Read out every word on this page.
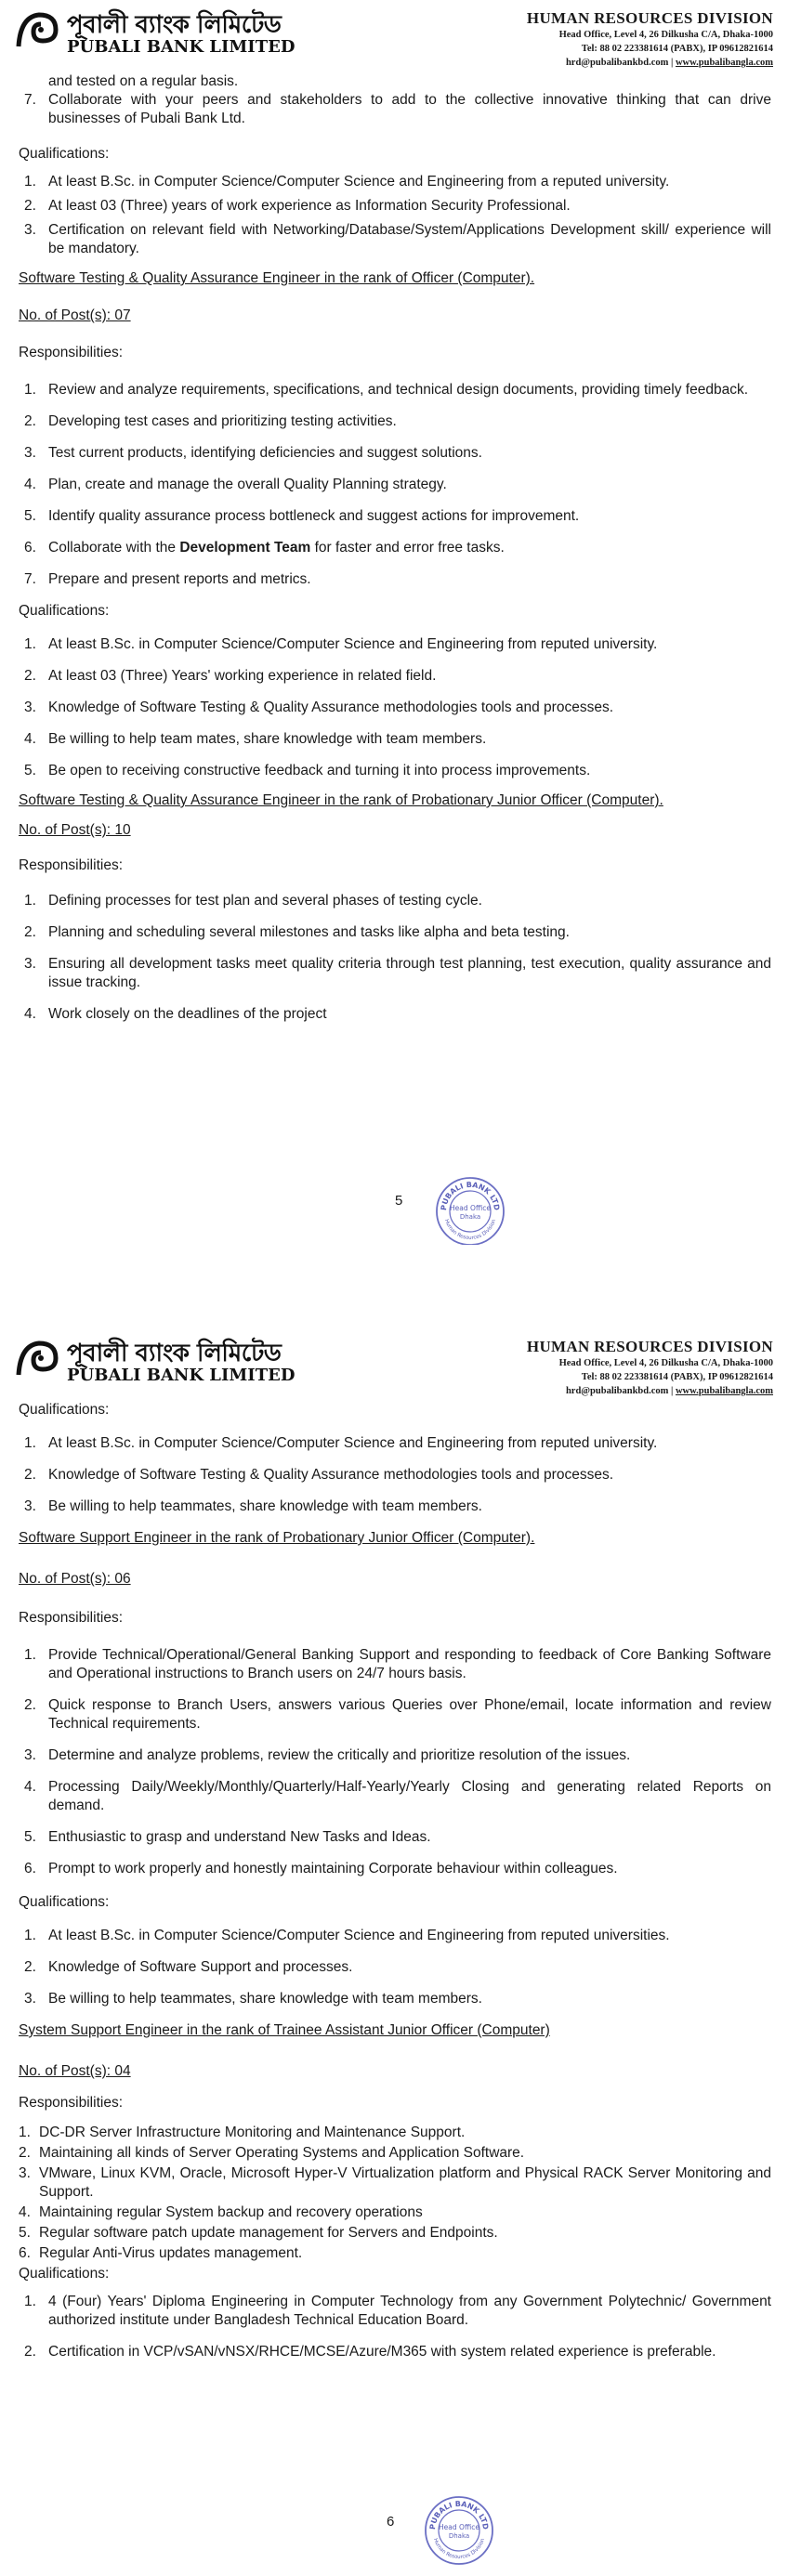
পূবালী ব্যাংক লিমিটেড
PUBALI BANK LIMITED
HUMAN RESOURCES DIVISION
Head Office, Level 4, 26 Dilkusha C/A, Dhaka-1000
Tel: 88 02 223381614 (PABX), IP 09612821614
hrd@pubalibankbd.com | www.pubalibangla.com

and tested on a regular basis.

7. Collaborate with your peers and stakeholders to add to the collective innovative thinking that can drive businesses of Pubali Bank Ltd.

Qualifications:

1. At least B.Sc. in Computer Science/Computer Science and Engineering from a reputed university.
2. At least 03 (Three) years of work experience as Information Security Professional.
3. Certification on relevant field with Networking/Database/System/Applications Development skill/ experience will be mandatory.

Software Testing & Quality Assurance Engineer in the rank of Officer (Computer).

No. of Post(s): 07

Responsibilities:

1. Review and analyze requirements, specifications, and technical design documents, providing timely feedback.
2. Developing test cases and prioritizing testing activities.
3. Test current products, identifying deficiencies and suggest solutions.
4. Plan, create and manage the overall Quality Planning strategy.
5. Identify quality assurance process bottleneck and suggest actions for improvement.
6. Collaborate with the Development Team for faster and error free tasks.
7. Prepare and present reports and metrics.

Qualifications:

1. At least B.Sc. in Computer Science/Computer Science and Engineering from reputed university.
2. At least 03 (Three) Years' working experience in related field.
3. Knowledge of Software Testing & Quality Assurance methodologies tools and processes.
4. Be willing to help team mates, share knowledge with team members.
5. Be open to receiving constructive feedback and turning it into process improvements.

Software Testing & Quality Assurance Engineer in the rank of Probationary Junior Officer (Computer).

No. of Post(s): 10

Responsibilities:

1. Defining processes for test plan and several phases of testing cycle.
2. Planning and scheduling several milestones and tasks like alpha and beta testing.
3. Ensuring all development tasks meet quality criteria through test planning, test execution, quality assurance and issue tracking.
4. Work closely on the deadlines of the project
5	PUBALI BANK LTD
Human Resources Division
Head Office
Dhaka
পূবালী ব্যাংক লিমিটেড
PUBALI BANK LIMITED
HUMAN RESOURCES DIVISION
Head Office, Level 4, 26 Dilkusha C/A, Dhaka-1000
Tel: 88 02 223381614 (PABX), IP 09612821614
hrd@pubalibankbd.com | www.pubalibangla.com

Qualifications:

1. At least B.Sc. in Computer Science/Computer Science and Engineering from reputed university.
2. Knowledge of Software Testing & Quality Assurance methodologies tools and processes.
3. Be willing to help teammates, share knowledge with team members.

Software Support Engineer in the rank of Probationary Junior Officer (Computer).

No. of Post(s): 06

Responsibilities:

1. Provide Technical/Operational/General Banking Support and responding to feedback of Core Banking Software and Operational instructions to Branch users on 24/7 hours basis.
2. Quick response to Branch Users, answers various Queries over Phone/email, locate information and review Technical requirements.
3. Determine and analyze problems, review the critically and prioritize resolution of the issues.
4. Processing Daily/Weekly/Monthly/Quarterly/Half-Yearly/Yearly Closing and generating related Reports on demand.
5. Enthusiastic to grasp and understand New Tasks and Ideas.
6. Prompt to work properly and honestly maintaining Corporate behaviour within colleagues.

Qualifications:

1. At least B.Sc. in Computer Science/Computer Science and Engineering from reputed universities.
2. Knowledge of Software Support and processes.
3. Be willing to help teammates, share knowledge with team members.

System Support Engineer in the rank of Trainee Assistant Junior Officer (Computer)

No. of Post(s): 04

Responsibilities:

1. DC-DR Server Infrastructure Monitoring and Maintenance Support.
2. Maintaining all kinds of Server Operating Systems and Application Software.
3. VMware, Linux KVM, Oracle, Microsoft Hyper-V Virtualization platform and Physical RACK Server Monitoring and Support.
4. Maintaining regular System backup and recovery operations
5. Regular software patch update management for Servers and Endpoints.
6. Regular Anti-Virus updates management.

Qualifications:

1. 4 (Four) Years' Diploma Engineering in Computer Technology from any Government Polytechnic/ Government authorized institute under Bangladesh Technical Education Board.
2. Certification in VCP/vSAN/vNSX/RHCE/MCSE/Azure/M365 with system related experience is preferable.
6	PUBALI BANK LTD
Human Resources Division
Head Office
Dhaka
